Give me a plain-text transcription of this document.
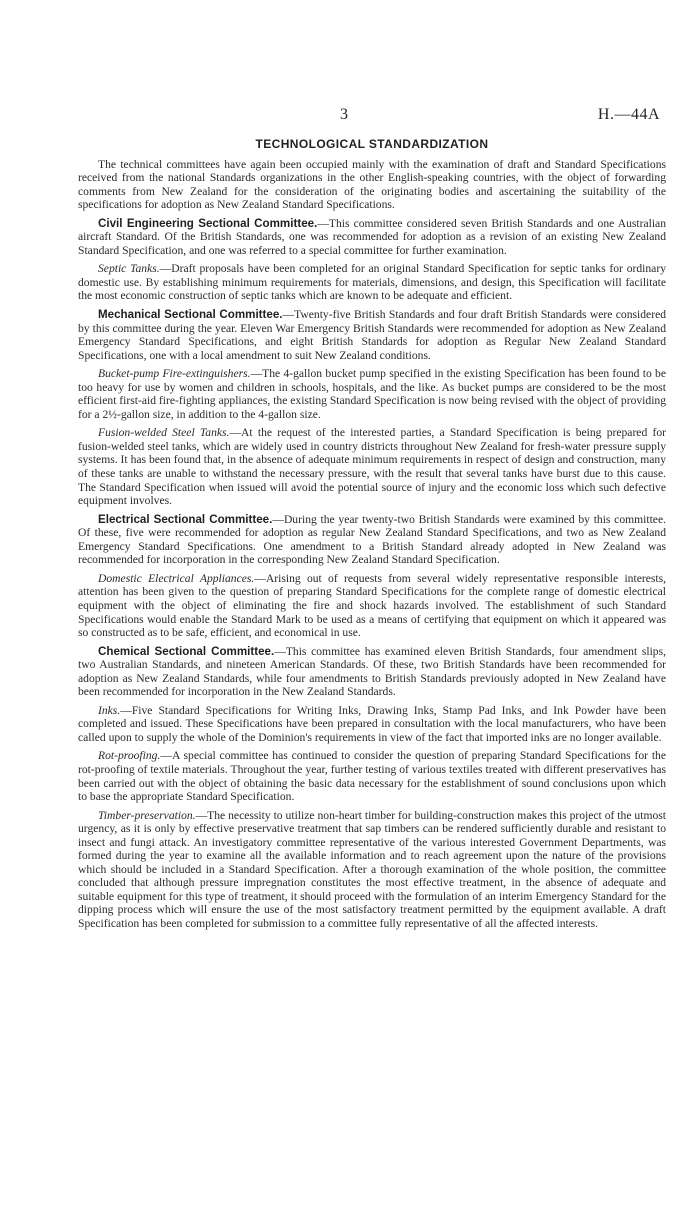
3	H.—44A
TECHNOLOGICAL STANDARDIZATION

The technical committees have again been occupied mainly with the examination of draft and Standard Specifications received from the national Standards organizations in the other English-speaking countries, with the object of forwarding comments from New Zealand for the consideration of the originating bodies and ascertaining the suitability of the specifications for adoption as New Zealand Standard Specifications.

Civil Engineering Sectional Committee.—This committee considered seven British Standards and one Australian aircraft Standard. Of the British Standards, one was recommended for adoption as a revision of an existing New Zealand Standard Specification, and one was referred to a special committee for further examination.

Septic Tanks.—Draft proposals have been completed for an original Standard Specification for septic tanks for ordinary domestic use. By establishing minimum requirements for materials, dimensions, and design, this Specification will facilitate the most economic construction of septic tanks which are known to be adequate and efficient.

Mechanical Sectional Committee.—Twenty-five British Standards and four draft British Standards were considered by this committee during the year. Eleven War Emergency British Standards were recommended for adoption as New Zealand Emergency Standard Specifications, and eight British Standards for adoption as Regular New Zealand Standard Specifications, one with a local amendment to suit New Zealand conditions.

Bucket-pump Fire-extinguishers.—The 4-gallon bucket pump specified in the existing Specification has been found to be too heavy for use by women and children in schools, hospitals, and the like. As bucket pumps are considered to be the most efficient first-aid fire-fighting appliances, the existing Standard Specification is now being revised with the object of providing for a 2½-gallon size, in addition to the 4-gallon size.

Fusion-welded Steel Tanks.—At the request of the interested parties, a Standard Specification is being prepared for fusion-welded steel tanks, which are widely used in country districts throughout New Zealand for fresh-water pressure supply systems. It has been found that, in the absence of adequate minimum requirements in respect of design and construction, many of these tanks are unable to withstand the necessary pressure, with the result that several tanks have burst due to this cause. The Standard Specification when issued will avoid the potential source of injury and the economic loss which such defective equipment involves.

Electrical Sectional Committee.—During the year twenty-two British Standards were examined by this committee. Of these, five were recommended for adoption as regular New Zealand Standard Specifications, and two as New Zealand Emergency Standard Specifications. One amendment to a British Standard already adopted in New Zealand was recommended for incorporation in the corresponding New Zealand Standard Specification.

Domestic Electrical Appliances.—Arising out of requests from several widely representative responsible interests, attention has been given to the question of preparing Standard Specifications for the complete range of domestic electrical equipment with the object of eliminating the fire and shock hazards involved. The establishment of such Standard Specifications would enable the Standard Mark to be used as a means of certifying that equipment on which it appeared was so constructed as to be safe, efficient, and economical in use.

Chemical Sectional Committee.—This committee has examined eleven British Standards, four amendment slips, two Australian Standards, and nineteen American Standards. Of these, two British Standards have been recommended for adoption as New Zealand Standards, while four amendments to British Standards previously adopted in New Zealand have been recommended for incorporation in the New Zealand Standards.

Inks.—Five Standard Specifications for Writing Inks, Drawing Inks, Stamp Pad Inks, and Ink Powder have been completed and issued. These Specifications have been prepared in consultation with the local manufacturers, who have been called upon to supply the whole of the Dominion's requirements in view of the fact that imported inks are no longer available.

Rot-proofing.—A special committee has continued to consider the question of preparing Standard Specifications for the rot-proofing of textile materials. Throughout the year, further testing of various textiles treated with different preservatives has been carried out with the object of obtaining the basic data necessary for the establishment of sound conclusions upon which to base the appropriate Standard Specification.

Timber-preservation.—The necessity to utilize non-heart timber for building-construction makes this project of the utmost urgency, as it is only by effective preservative treatment that sap timbers can be rendered sufficiently durable and resistant to insect and fungi attack. An investigatory committee representative of the various interested Government Departments, was formed during the year to examine all the available information and to reach agreement upon the nature of the provisions which should be included in a Standard Specification. After a thorough examination of the whole position, the committee concluded that although pressure impregnation constitutes the most effective treatment, in the absence of adequate and suitable equipment for this type of treatment, it should proceed with the formulation of an interim Emergency Standard for the dipping process which will ensure the use of the most satisfactory treatment permitted by the equipment available. A draft Specification has been completed for submission to a committee fully representative of all the affected interests.
